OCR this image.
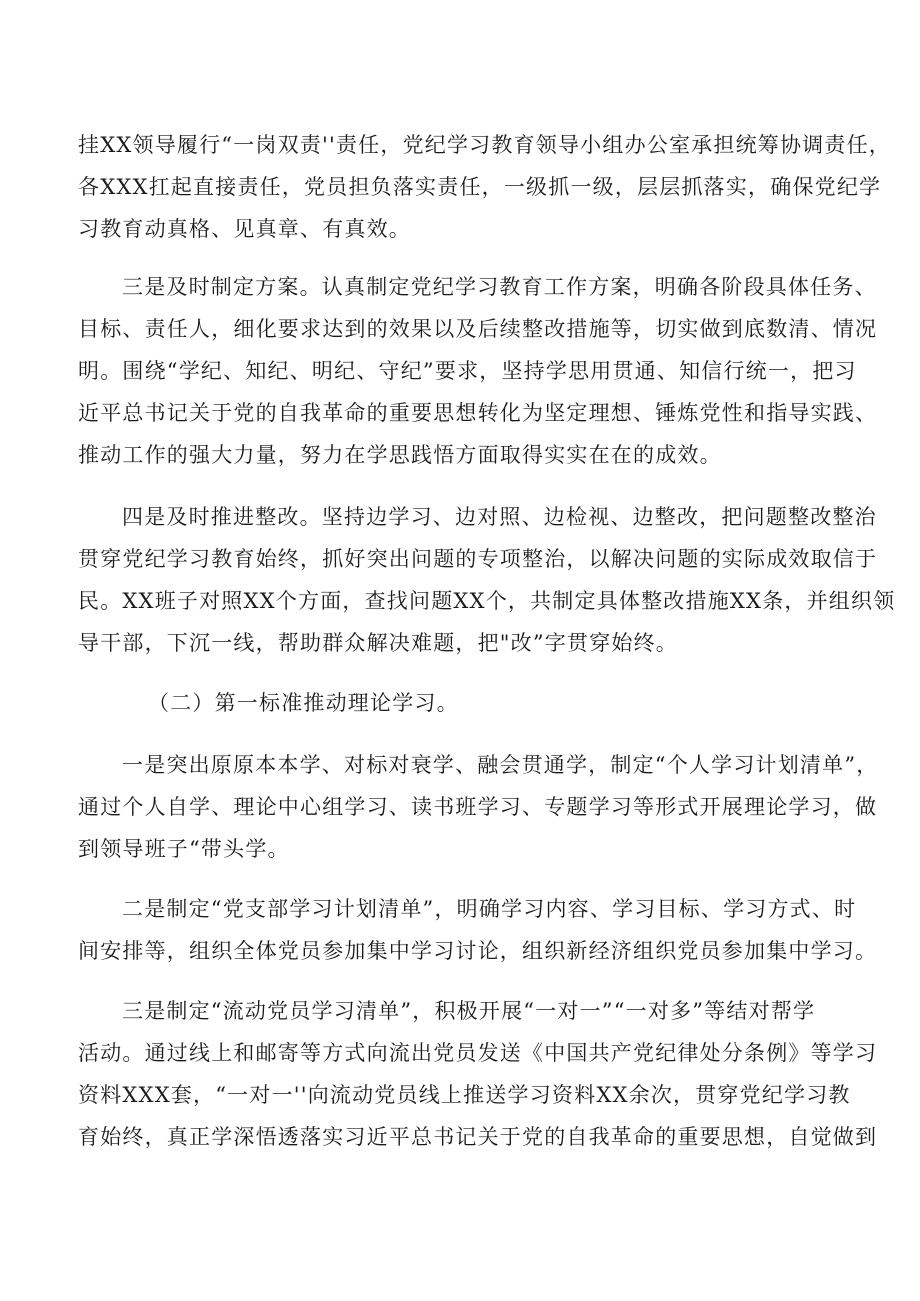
挂XX领导履行“一岗双责''责任，党纪学习教育领导小组办公室承担统筹协调责任，
各XXX扛起直接责任，党员担负落实责任，一级抓一级，层层抓落实，确保党纪学
习教育动真格、见真章、有真效。

三是及时制定方案。认真制定党纪学习教育工作方案，明确各阶段具体任务、
目标、责任人，细化要求达到的效果以及后续整改措施等，切实做到底数清、情况
明。围绕“学纪、知纪、明纪、守纪”要求，坚持学思用贯通、知信行统一，把习
近平总书记关于党的自我革命的重要思想转化为坚定理想、锤炼党性和指导实践、
推动工作的强大力量，努力在学思践悟方面取得实实在在的成效。

四是及时推进整改。坚持边学习、边对照、边检视、边整改，把问题整改整治
贯穿党纪学习教育始终，抓好突出问题的专项整治，以解决问题的实际成效取信于
民。XX班子对照XX个方面，查找问题XX个，共制定具体整改措施XX条，并组织领
导干部，下沉一线，帮助群众解决难题，把"改”字贯穿始终。

（二）第一标准推动理论学习。

一是突出原原本本学、对标对衰学、融会贯通学，制定“个人学习计划清单”，
通过个人自学、理论中心组学习、读书班学习、专题学习等形式开展理论学习，做
到领导班子“带头学。

二是制定“党支部学习计划清单”，明确学习内容、学习目标、学习方式、时
间安排等，组织全体党员参加集中学习讨论，组织新经济组织党员参加集中学习。

三是制定“流动党员学习清单”，积极开展“一对一”“一对多”等结对帮学
活动。通过线上和邮寄等方式向流出党员发送《中国共产党纪律处分条例》等学习
资料XXX套，“一对一''向流动党员线上推送学习资料XX余次，贯穿党纪学习教
育始终，真正学深悟透落实习近平总书记关于党的自我革命的重要思想，自觉做到
